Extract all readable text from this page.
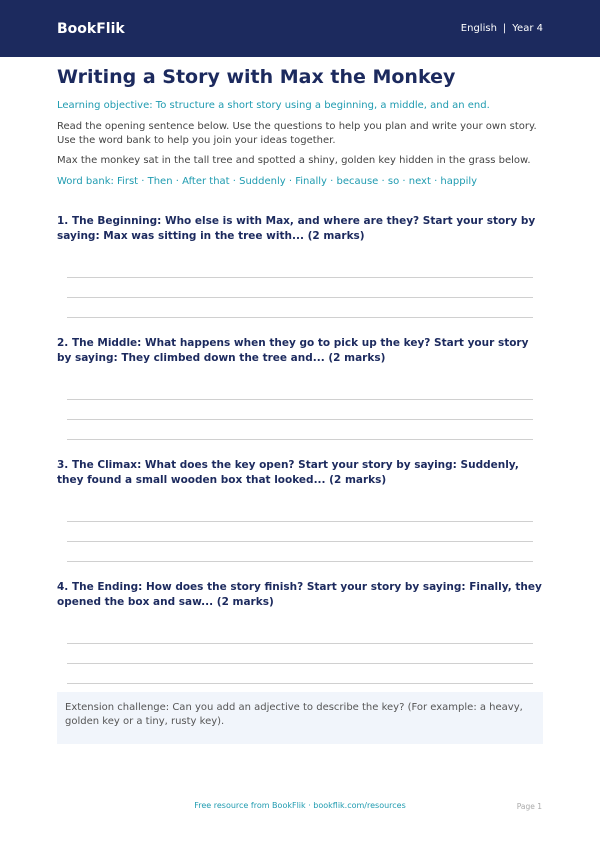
BookFlik	English | Year 4
Writing a Story with Max the Monkey
Learning objective: To structure a short story using a beginning, a middle, and an end.
Read the opening sentence below. Use the questions to help you plan and write your own story. Use the word bank to help you join your ideas together.
Max the monkey sat in the tall tree and spotted a shiny, golden key hidden in the grass below.
Word bank: First · Then · After that · Suddenly · Finally · because · so · next · happily
1. The Beginning: Who else is with Max, and where are they? Start your story by saying: Max was sitting in the tree with... (2 marks)
2. The Middle: What happens when they go to pick up the key? Start your story by saying: They climbed down the tree and... (2 marks)
3. The Climax: What does the key open? Start your story by saying: Suddenly, they found a small wooden box that looked... (2 marks)
4. The Ending: How does the story finish? Start your story by saying: Finally, they opened the box and saw... (2 marks)
Extension challenge: Can you add an adjective to describe the key? (For example: a heavy, golden key or a tiny, rusty key).
Free resource from BookFlik · bookflik.com/resources	Page 1
